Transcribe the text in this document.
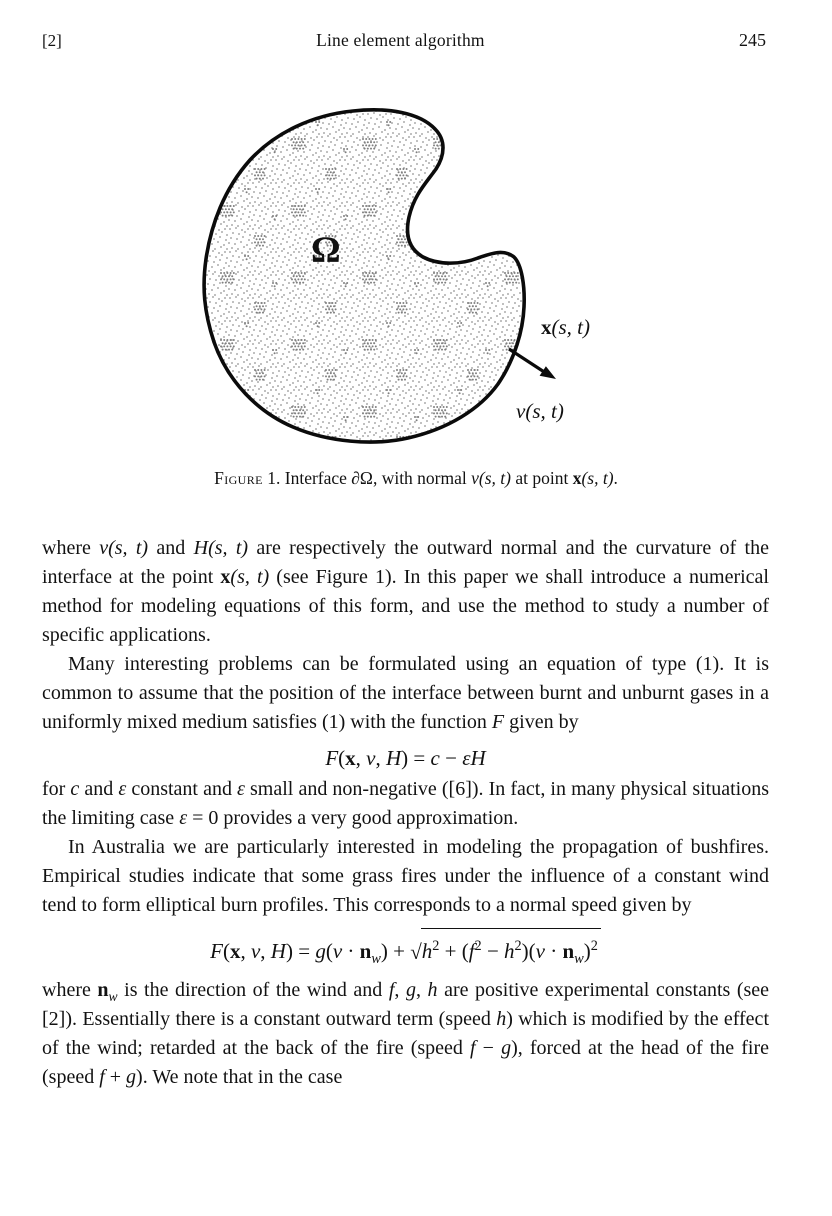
[2]	Line element algorithm	245
Ω
x(s, t)
ν(s, t)
Figure 1. Interface ∂Ω, with normal ν(s, t) at point x(s, t).

where ν(s, t) and H(s, t) are respectively the outward normal and the curvature of the interface at the point x(s, t) (see Figure 1). In this paper we shall introduce a numerical method for modeling equations of this form, and use the method to study a number of specific applications.

Many interesting problems can be formulated using an equation of type (1). It is common to assume that the position of the interface between burnt and unburnt gases in a uniformly mixed medium satisfies (1) with the function F given by

F(x, ν, H) = c − εH

for c and ε constant and ε small and non-negative ([6]). In fact, in many physical situations the limiting case ε = 0 provides a very good approximation.

In Australia we are particularly interested in modeling the propagation of bushfires. Empirical studies indicate that some grass fires under the influence of a constant wind tend to form elliptical burn profiles. This corresponds to a normal speed given by

F(x, ν, $H) = g(\nu \cdot n_w) + √h^2 + (f^2 - h^2)(\nu \cdot n_w)^2$

where $n_w$ is the direction of the wind and f, g, h are positive experimental constants (see [2]). Essentially there is a constant outward term (speed h) which is modified by the effect of the wind; retarded at the back of the fire (speed f − g), forced at the head of the fire (speed f + g). We note that in the case
